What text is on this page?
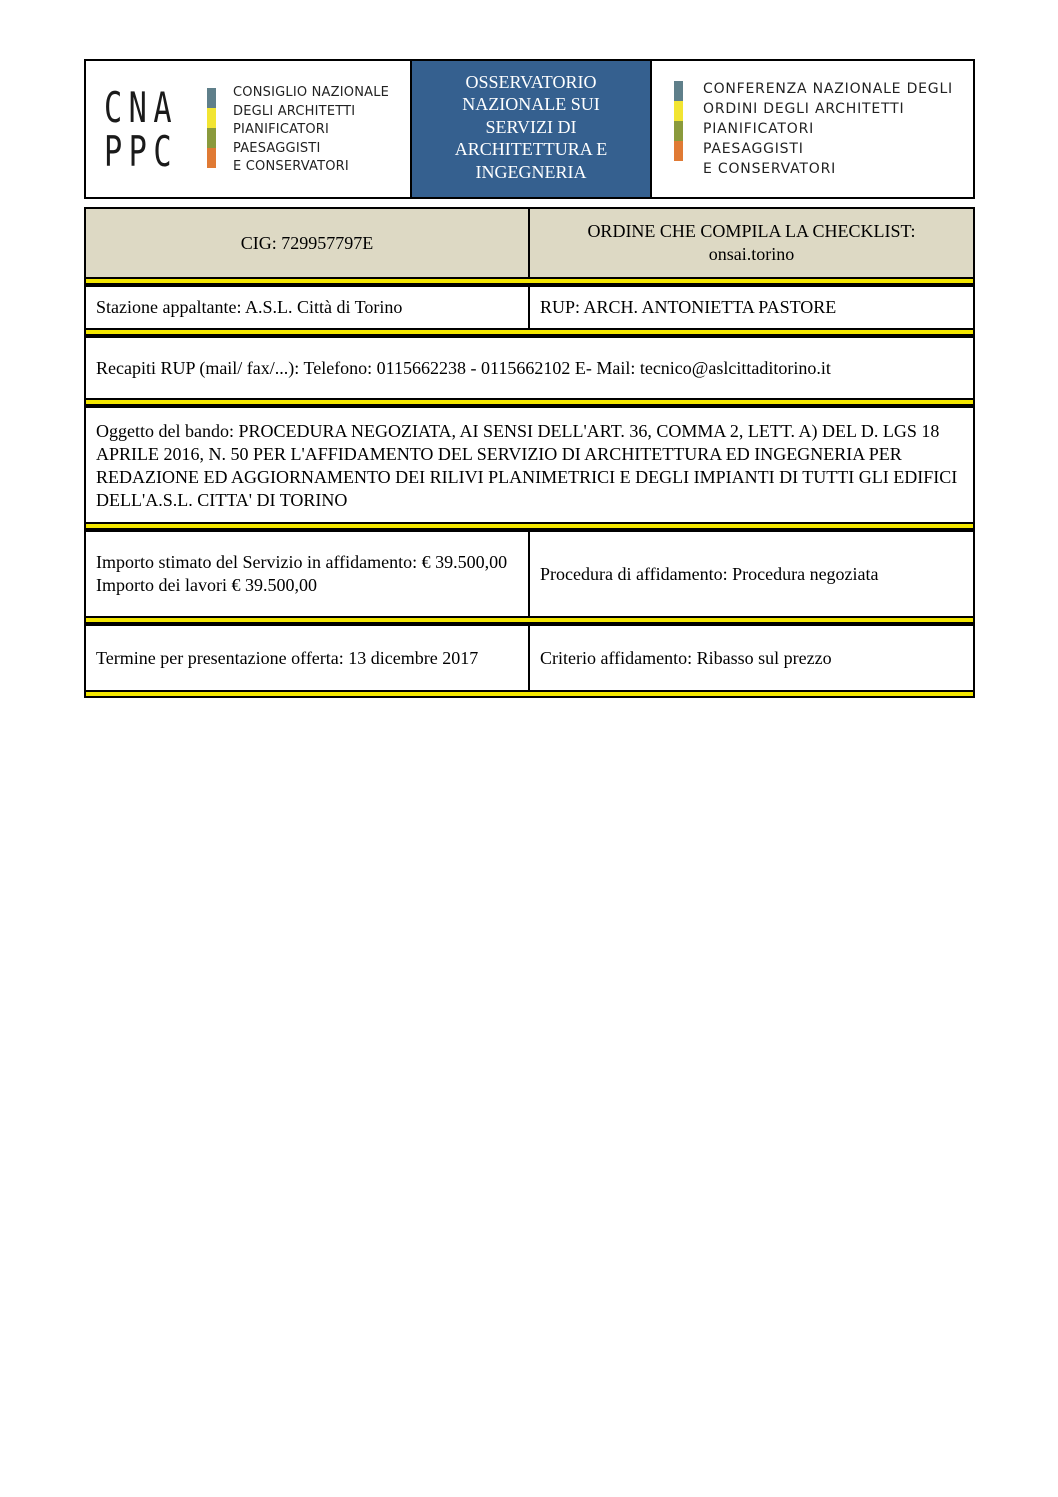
CNA
PPC
CONSIGLIO NAZIONALE
DEGLI ARCHITETTI
PIANIFICATORI
PAESAGGISTI
E CONSERVATORI
OSSERVATORIO
NAZIONALE SUI
SERVIZI DI
ARCHITETTURA E
INGEGNERIA
CONFERENZA NAZIONALE DEGLI
ORDINI DEGLI ARCHITETTI
PIANIFICATORI
PAESAGGISTI
E CONSERVATORI
CIG: 729957797E
ORDINE CHE COMPILA LA CHECKLIST:
onsai.torino
Stazione appaltante: A.S.L. Città di Torino	RUP: ARCH. ANTONIETTA PASTORE
Recapiti RUP (mail/ fax/...): Telefono: 0115662238 - 0115662102 E- Mail: tecnico@aslcittaditorino.it
Oggetto del bando: PROCEDURA NEGOZIATA, AI SENSI DELL'ART. 36, COMMA 2, LETT. A) DEL D. LGS 18 APRILE 2016, N. 50 PER L'AFFIDAMENTO DEL SERVIZIO DI ARCHITETTURA ED INGEGNERIA PER REDAZIONE ED AGGIORNAMENTO DEI RILIVI PLANIMETRICI E DEGLI IMPIANTI DI TUTTI GLI EDIFICI DELL'A.S.L. CITTA' DI TORINO
Importo stimato del Servizio in affidamento: € 39.500,00
Importo dei lavori € 39.500,00
Procedura di affidamento: Procedura negoziata
Termine per presentazione offerta: 13 dicembre 2017	Criterio affidamento: Ribasso sul prezzo
